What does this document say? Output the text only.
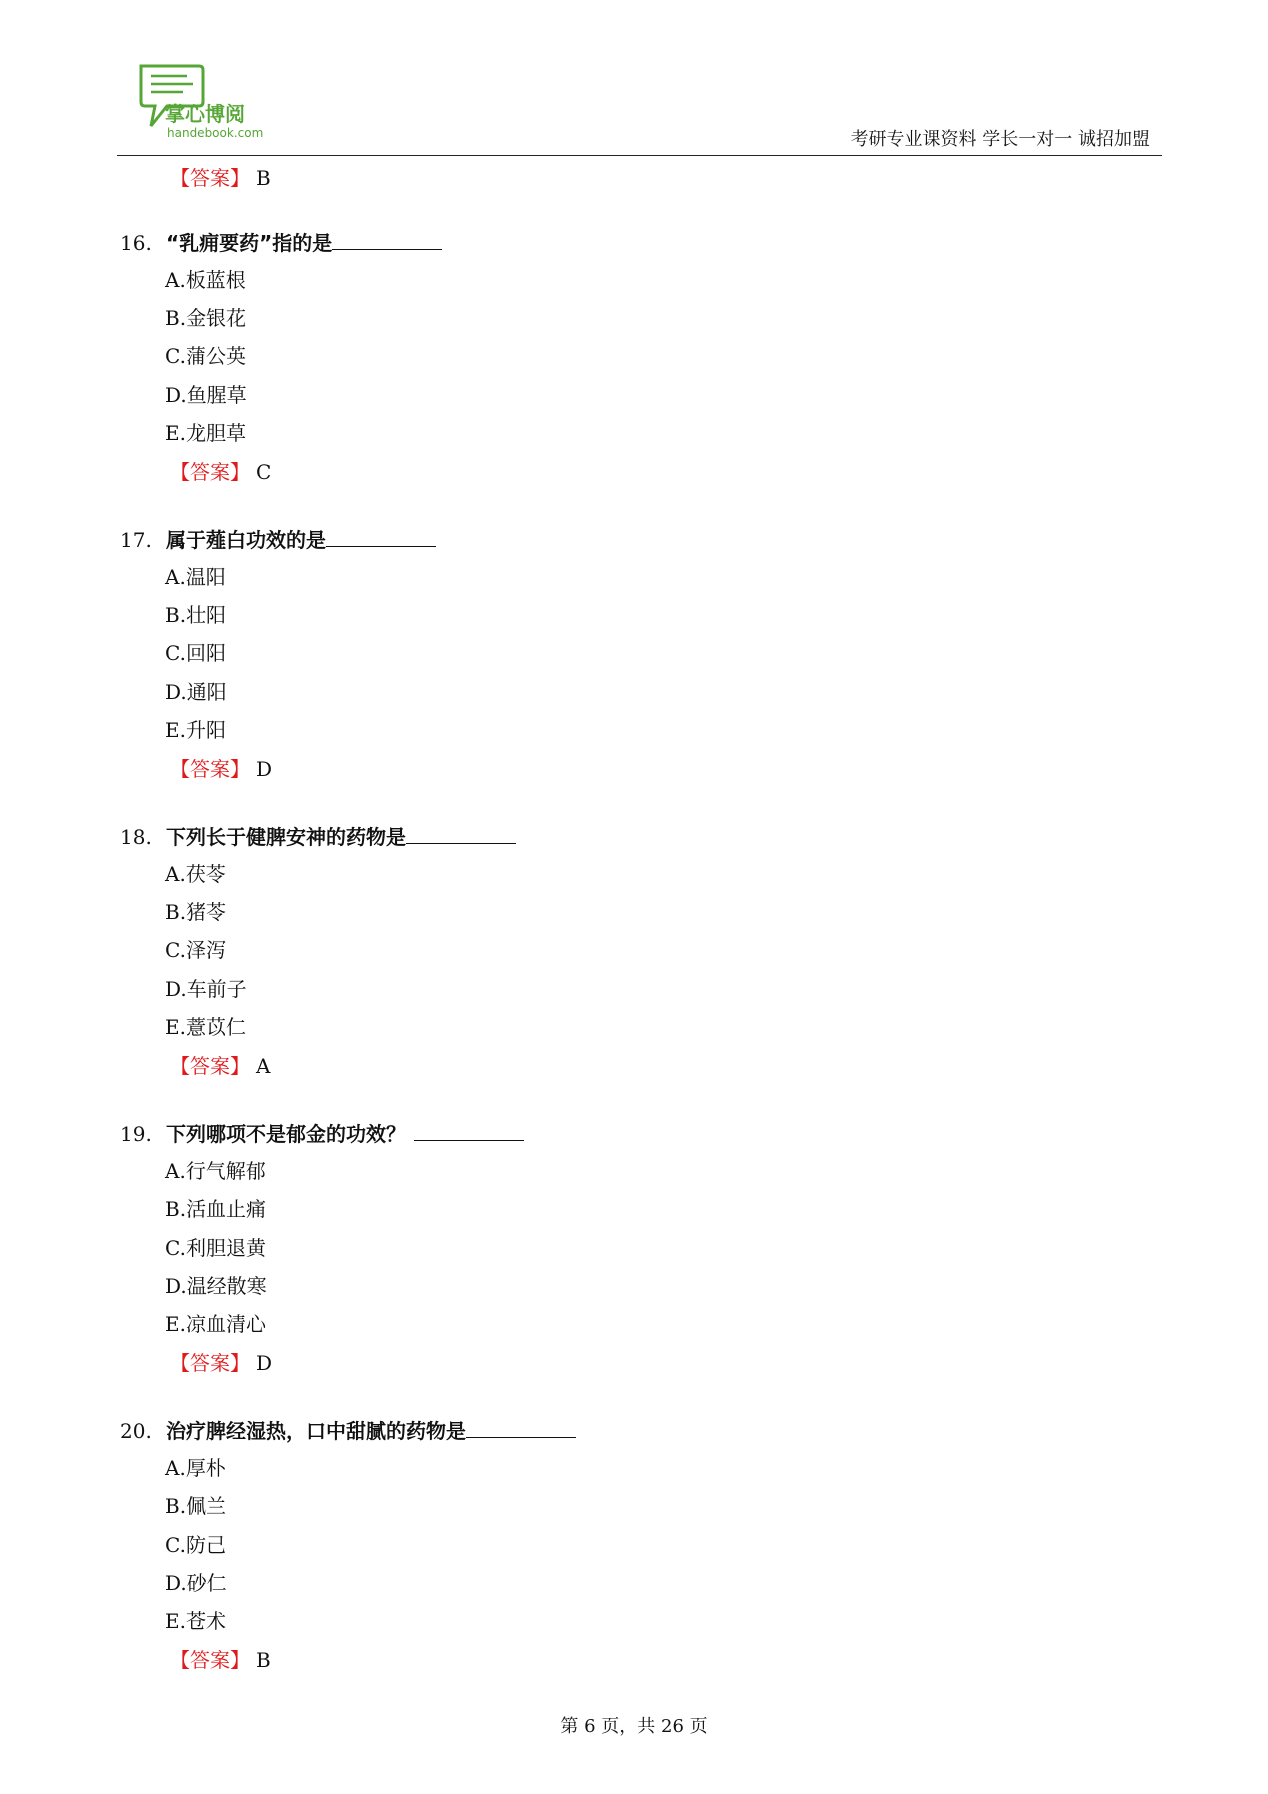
掌心博阅
handebook.com	考研专业课资料 学长一对一 诚招加盟
【答案】 B
16. “乳痈要药”指的是
A.板蓝根
B.金银花
C.蒲公英
D.鱼腥草
E.龙胆草
【答案】 C
17. 属于薤白功效的是
A.温阳
B.壮阳
C.回阳
D.通阳
E.升阳
【答案】 D
18. 下列长于健脾安神的药物是
A.茯苓
B.猪苓
C.泽泻
D.车前子
E.薏苡仁
【答案】 A
19. 下列哪项不是郁金的功效？
A.行气解郁
B.活血止痛
C.利胆退黄
D.温经散寒
E.凉血清心
【答案】 D
20. 治疗脾经湿热，口中甜腻的药物是
A.厚朴
B.佩兰
C.防己
D.砂仁
E.苍术
【答案】 B
第 6 页，共 26 页
